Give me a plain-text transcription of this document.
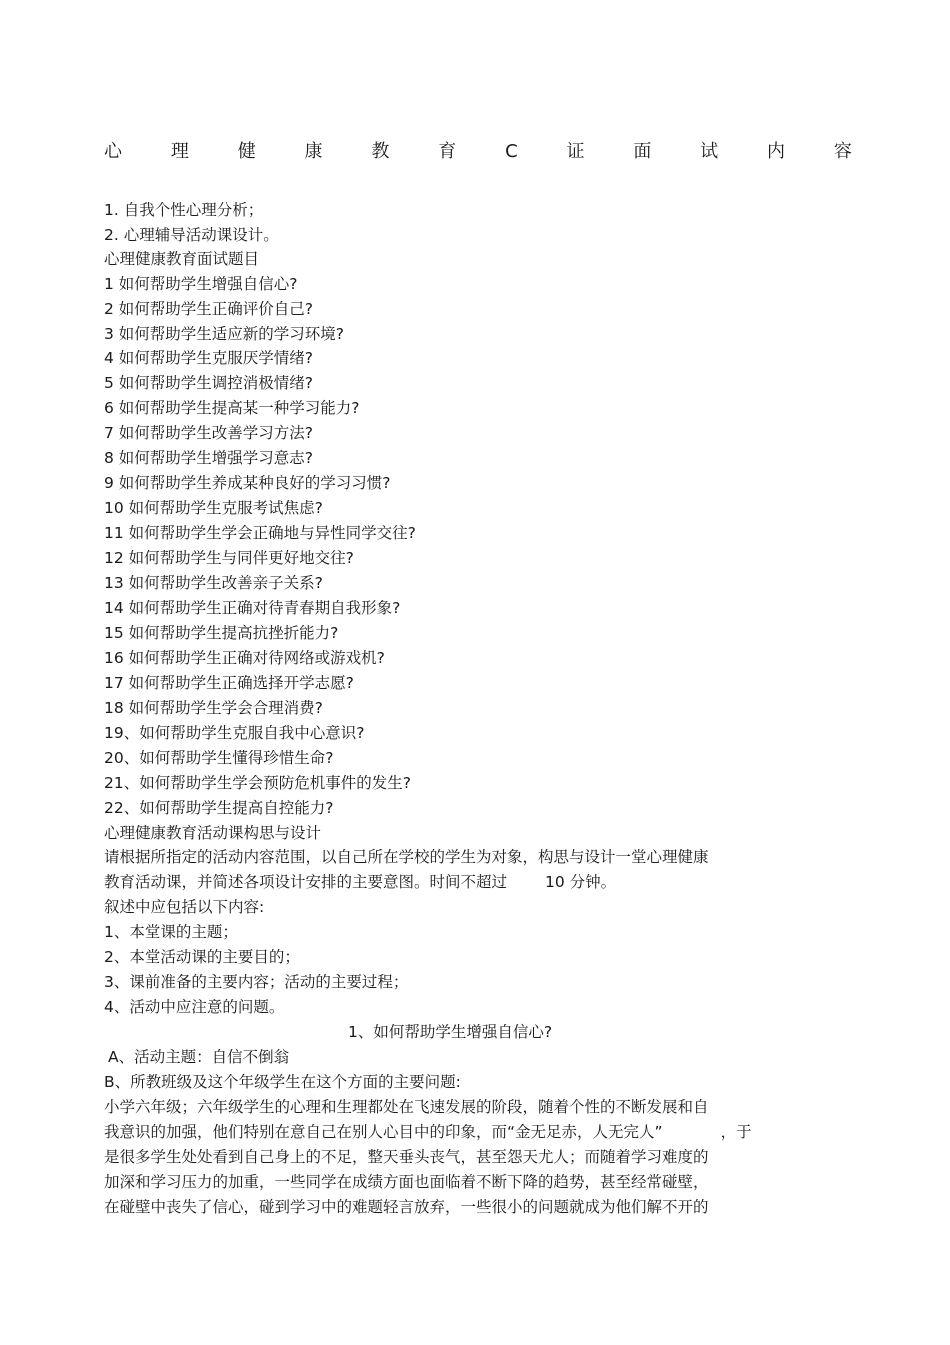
心	理	健	康	教	育	C	证	面	试	内	容
1. 自我个性心理分析；
2. 心理辅导活动课设计。
心理健康教育面试题目
1 如何帮助学生增强自信心?
2 如何帮助学生正确评价自己?
3 如何帮助学生适应新的学习环境?
4 如何帮助学生克服厌学情绪?
5 如何帮助学生调控消极情绪?
6 如何帮助学生提高某一种学习能力?
7 如何帮助学生改善学习方法?
8 如何帮助学生增强学习意志?
9 如何帮助学生养成某种良好的学习习惯?
10 如何帮助学生克服考试焦虑?
11 如何帮助学生学会正确地与异性同学交往?
12 如何帮助学生与同伴更好地交往?
13 如何帮助学生改善亲子关系?
14 如何帮助学生正确对待青春期自我形象?
15 如何帮助学生提高抗挫折能力?
16 如何帮助学生正确对待网络或游戏机?
17 如何帮助学生正确选择开学志愿?
18 如何帮助学生学会合理消费?
19、如何帮助学生克服自我中心意识?
20、如何帮助学生懂得珍惜生命?
21、如何帮助学生学会预防危机事件的发生?
22、如何帮助学生提高自控能力?
心理健康教育活动课构思与设计
请根据所指定的活动内容范围，以自己所在学校的学生为对象，构思与设计一堂心理健康
教育活动课，并简述各项设计安排的主要意图。时间不超过 10 分钟。
叙述中应包括以下内容:
1、本堂课的主题；
2、本堂活动课的主要目的；
3、课前准备的主要内容；活动的主要过程；
4、活动中应注意的问题。
1、如何帮助学生增强自信心?
A、活动主题：自信不倒翁
B、所教班级及这个年级学生在这个方面的主要问题:
小学六年级；六年级学生的心理和生理都处在飞速发展的阶段，随着个性的不断发展和自
我意识的加强，他们特别在意自己在别人心目中的印象，而“金无足赤，人无完人”	，于
是很多学生处处看到自己身上的不足，整天垂头丧气，甚至怨天尤人；而随着学习难度的
加深和学习压力的加重，一些同学在成绩方面也面临着不断下降的趋势，甚至经常碰壁，
在碰壁中丧失了信心，碰到学习中的难题轻言放弃，一些很小的问题就成为他们解不开的
